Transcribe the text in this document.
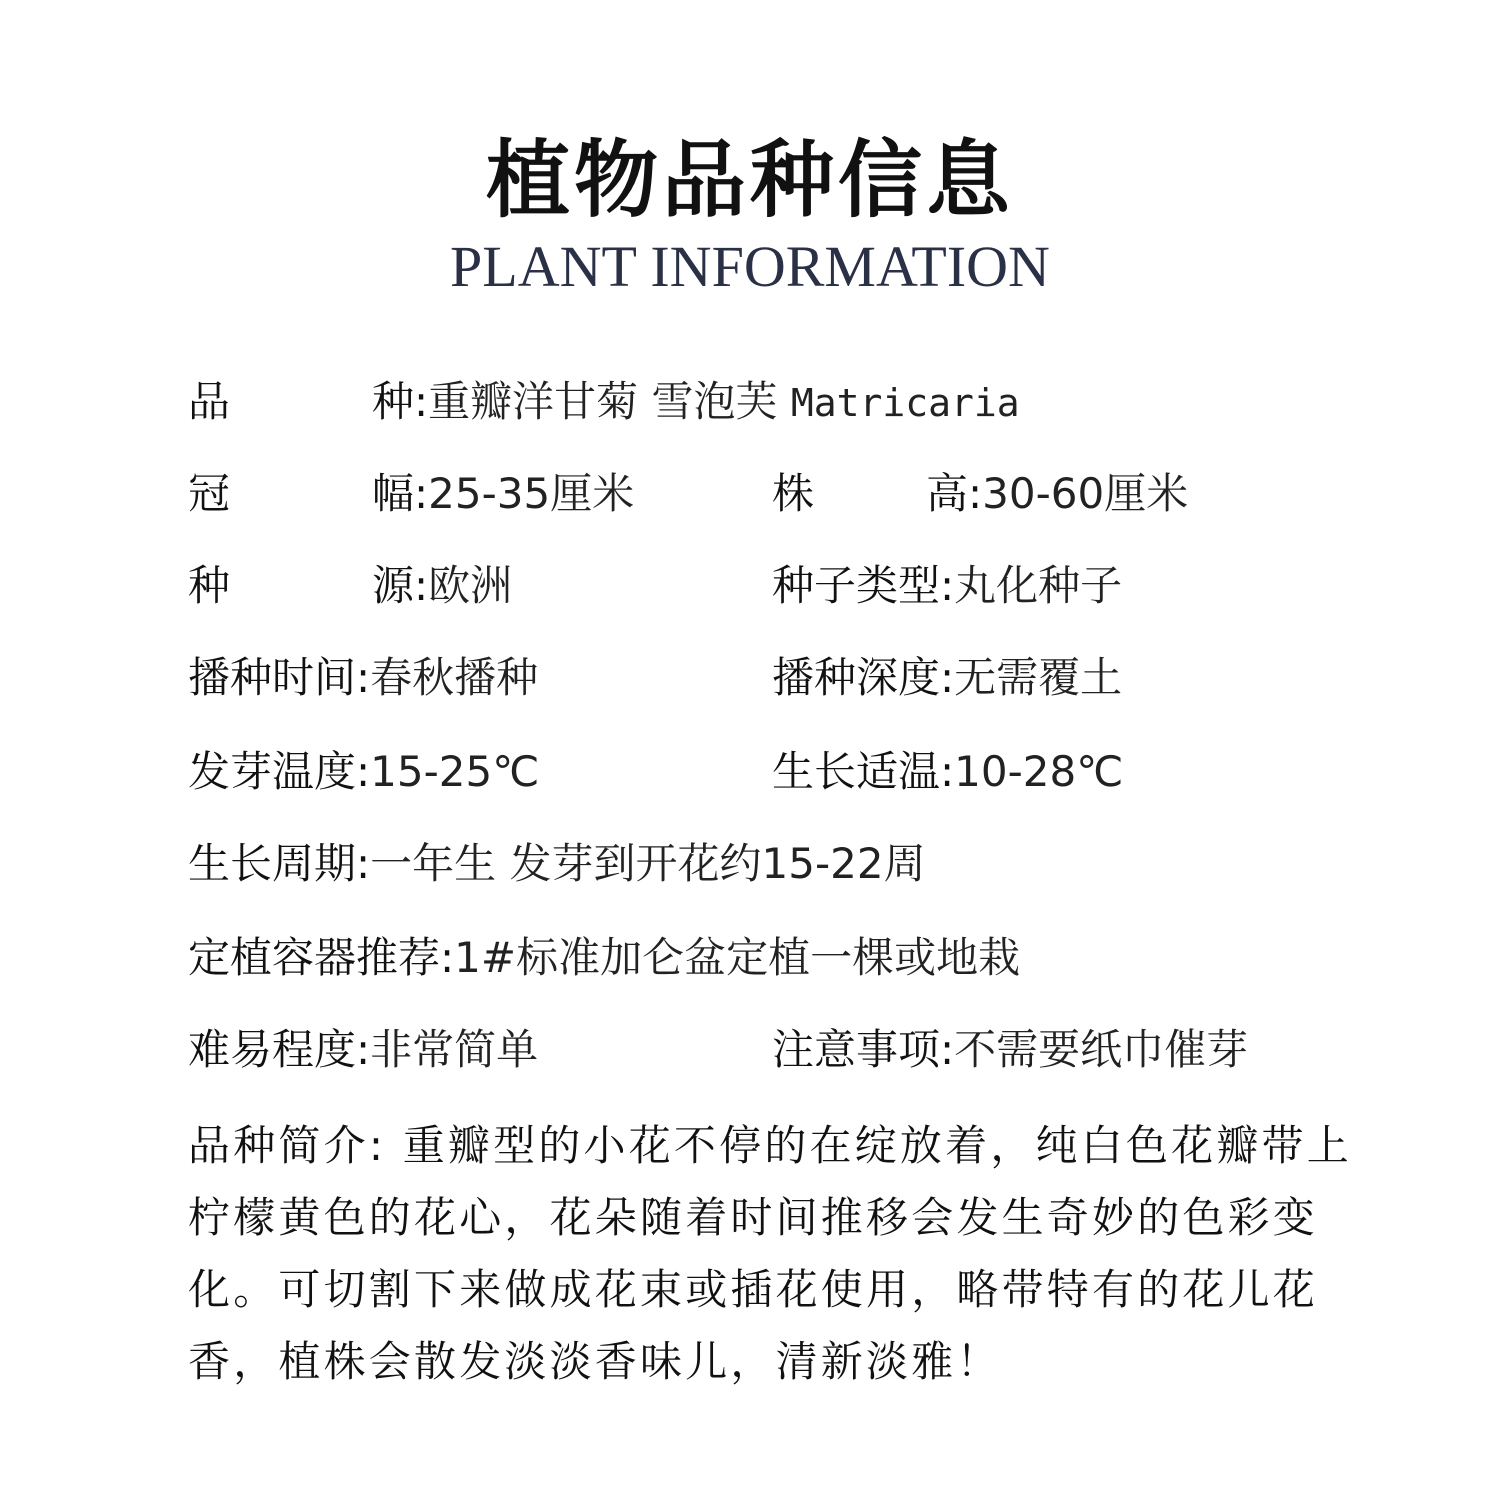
植物品种信息
PLANT INFORMATION
品　　种:重瓣洋甘菊 雪泡芙 Matricaria
冠　　幅:25-35厘米	株　　高:30-60厘米
种　　源:欧洲	种子类型:丸化种子
播种时间:春秋播种	播种深度:无需覆土
发芽温度:15-25℃	生长适温:10-28℃
生长周期:一年生 发芽到开花约15-22周
定植容器推荐:1#标准加仑盆定植一棵或地栽
难易程度:非常简单	注意事项:不需要纸巾催芽
品种简介: 重瓣型的小花不停的在绽放着，纯白色花瓣带上柠檬黄色的花心，花朵随着时间推移会发生奇妙的色彩变化。可切割下来做成花束或插花使用，略带特有的花儿花香，植株会散发淡淡香味儿，清新淡雅！
